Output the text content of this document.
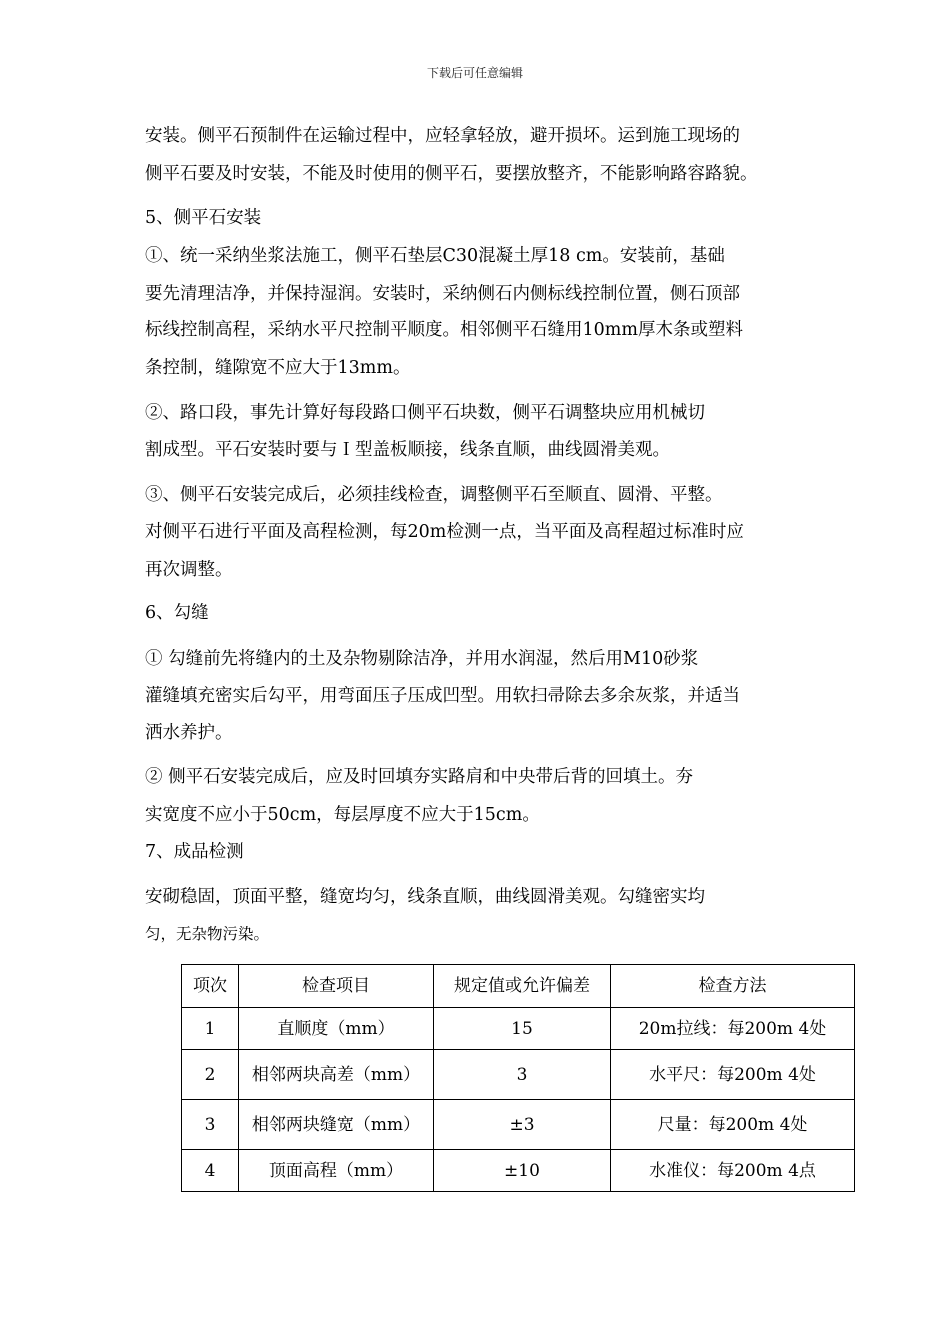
下载后可任意编辑
安装。侧平石预制件在运输过程中，应轻拿轻放，避开损坏。运到施工现场的
侧平石要及时安装，不能及时使用的侧平石，要摆放整齐，不能影响路容路貌。
5、侧平石安装
①、统一采纳坐浆法施工，侧平石垫层C30混凝土厚18 cm。安装前，基础
要先清理洁净，并保持湿润。安装时，采纳侧石内侧标线控制位置，侧石顶部
标线控制高程，采纳水平尺控制平顺度。相邻侧平石缝用10mm厚木条或塑料
条控制，缝隙宽不应大于13mm。
②、路口段，事先计算好每段路口侧平石块数，侧平石调整块应用机械切
割成型。平石安装时要与Ｉ型盖板顺接，线条直顺，曲线圆滑美观。
③、侧平石安装完成后，必须挂线检查，调整侧平石至顺直、圆滑、平整。
对侧平石进行平面及高程检测，每20m检测一点，当平面及高程超过标准时应
再次调整。
6、勾缝
① 勾缝前先将缝内的土及杂物剔除洁净，并用水润湿，然后用M10砂浆
灌缝填充密实后勾平，用弯面压子压成凹型。用软扫帚除去多余灰浆，并适当
洒水养护。
② 侧平石安装完成后，应及时回填夯实路肩和中央带后背的回填土。夯
实宽度不应小于50cm，每层厚度不应大于15cm。
7、成品检测
安砌稳固，顶面平整，缝宽均匀，线条直顺，曲线圆滑美观。勾缝密实均
匀，无杂物污染。
项次	检查项目	规定值或允许偏差	检查方法
1	直顺度（mm）	15	20m拉线：每200m 4处
2	相邻两块高差（mm）	3	水平尺：每200m 4处
3	相邻两块缝宽（mm）	±3	尺量：每200m 4处
4	顶面高程（mm）	±10	水准仪：每200m 4点
